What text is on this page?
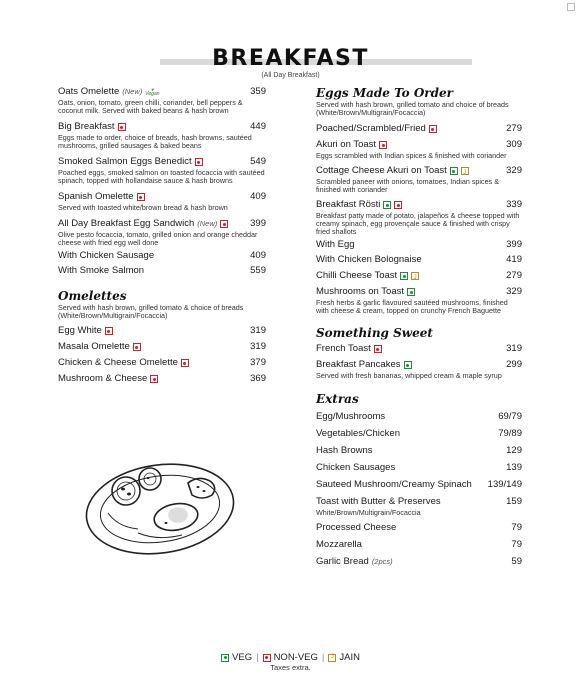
BREAKFAST
(All Day Breakfast)
Oats Omelette (New) ❦
Vegan	359
Oats, onion, tomato, green chilli, coriander, bell peppers & coconut milk. Served with baked beans & hash brown
Big Breakfast	449
Eggs made to order, choice of breads, hash browns, sautéed mushrooms, grilled sausages & baked beans
Smoked Salmon Eggs Benedict	549
Poached eggs, smoked salmon on toasted focaccia with sautéed spinach, topped with hollandaise sauce & hash browns
Spanish Omelette	409
Served with toasted white/brown bread & hash brown
All Day Breakfast Egg Sandwich (New)	399
Olive pesto focaccia, tomato, grilled onion and orange cheddar cheese with fried egg well done
With Chicken Sausage	409
With Smoke Salmon	559
Omelettes
Served with hash brown, grilled tomato & choice of breads (White/Brown/Multigrain/Focaccia)
Egg White	319
Masala Omelette	319
Chicken & Cheese Omelette	379
Mushroom & Cheese	369
Eggs Made To Order
Served with hash brown, grilled tomato and choice of breads (White/Brown/Multigrain/Focaccia)
Poached/Scrambled/Fried	279
Akuri on Toast	309
Eggs scrambled with Indian spices & finished with coriander
Cottage Cheese Akuri on Toast J	329
Scrambled paneer with onions, tomatoes, Indian spices & finished with coriander
Breakfast Rösti	339
Breakfast patty made of potato, jalapeños & cheese topped with creamy spinach, egg provençale sauce & finished with crispy fried shallots
With Egg	399
With Chicken Bolognaise	419
Chilli Cheese Toast J	279
Mushrooms on Toast	329
Fresh herbs & garlic flavoured sautéed mushrooms, finished with cheese & cream, topped on crunchy French Baguette
Something Sweet
French Toast	319
Breakfast Pancakes	299
Served with fresh bananas, whipped cream & maple syrup
Extras
Egg/Mushrooms	69/79
Vegetables/Chicken	79/89
Hash Browns	129
Chicken Sausages	139
Sauteed Mushroom/Creamy Spinach 139/149
Toast with Butter & Preserves	159
White/Brown/Multigrain/Focaccia
Processed Cheese	79
Mozzarella	79
Garlic Bread (2pcs)	59
VEG | NON-VEG | J JAIN
Taxes extra.
